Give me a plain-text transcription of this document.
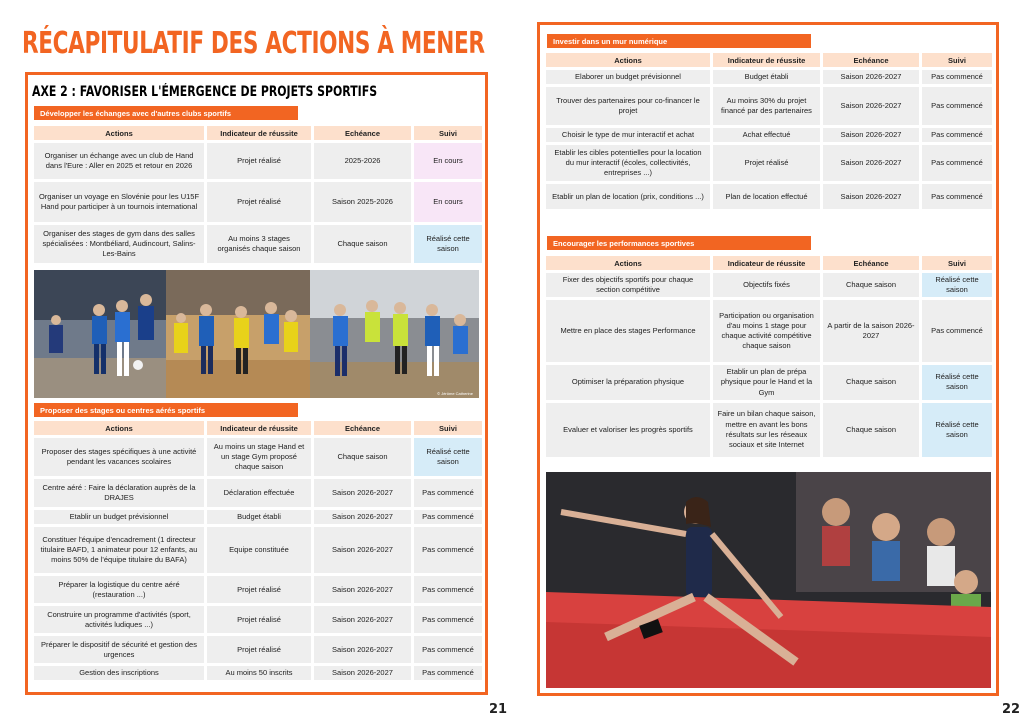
RÉCAPITULATIF DES ACTIONS À MENER
AXE 2 : FAVORISER L'ÉMERGENCE DE PROJETS SPORTIFS
Développer les échanges avec d'autres clubs sportifs
Actions	Indicateur de réussite	Echéance	Suivi
Organiser un échange avec un club de Hand dans l'Eure : Aller en 2025 et retour en 2026	Projet réalisé	2025-2026	En cours
Organiser un voyage en Slovénie pour les U15F Hand pour participer à un tournois international	Projet réalisé	Saison 2025-2026	En cours
Organiser des stages de gym dans des salles spécialisées : Montbéliard, Audincourt, Salins-Les-Bains	Au moins 3 stages organisés chaque saison	Chaque saison	Réalisé cette saison
© Jérôme Catherine
Proposer des stages ou centres aérés sportifs
Actions	Indicateur de réussite	Echéance	Suivi
Proposer des stages spécifiques à une activité pendant les vacances scolaires	Au moins un stage Hand et un stage Gym proposé chaque saison	Chaque saison	Réalisé cette saison
Centre aéré : Faire la déclaration auprès de la DRAJES	Déclaration effectuée	Saison 2026-2027	Pas commencé
Etablir un budget prévisionnel	Budget établi	Saison 2026-2027	Pas commencé
Constituer l'équipe d'encadrement (1 directeur titulaire BAFD, 1 animateur pour 12 enfants, au moins 50% de l'équipe titulaire du BAFA)	Equipe constituée	Saison 2026-2027	Pas commencé
Préparer la logistique du centre aéré (restauration ...)	Projet réalisé	Saison 2026-2027	Pas commencé
Construire un programme d'activités (sport, activités ludiques ...)	Projet réalisé	Saison 2026-2027	Pas commencé
Préparer le dispositif de sécurité et gestion des urgences	Projet réalisé	Saison 2026-2027	Pas commencé
Gestion des inscriptions	Au moins 50 inscrits	Saison 2026-2027	Pas commencé
21
Investir dans un mur numérique
Actions	Indicateur de réussite	Echéance	Suivi
Elaborer un budget prévisionnel	Budget établi	Saison 2026-2027	Pas commencé
Trouver des partenaires pour co-financer le projet	Au moins 30% du projet financé par des partenaires	Saison 2026-2027	Pas commencé
Choisir le type de mur interactif et achat	Achat effectué	Saison 2026-2027	Pas commencé
Etablir les cibles potentielles pour la location du mur interactif (écoles, collectivités, entreprises ...)	Projet réalisé	Saison 2026-2027	Pas commencé
Etablir un plan de location (prix, conditions ...)	Plan de location effectué	Saison 2026-2027	Pas commencé
Encourager les performances sportives
Actions	Indicateur de réussite	Echéance	Suivi
Fixer des objectifs sportifs pour chaque section compétitive	Objectifs fixés	Chaque saison	Réalisé cette saison
Mettre en place des stages Performance	Participation ou organisation d'au moins 1 stage pour chaque activité compétitive chaque saison	A partir de la saison 2026-2027	Pas commencé
Optimiser la préparation physique	Etablir un plan de prépa physique pour le Hand et la Gym	Chaque saison	Réalisé cette saison
Evaluer et valoriser les progrès sportifs	Faire un bilan chaque saison, mettre en avant les bons résultats sur les réseaux sociaux et site Internet	Chaque saison	Réalisé cette saison
22
